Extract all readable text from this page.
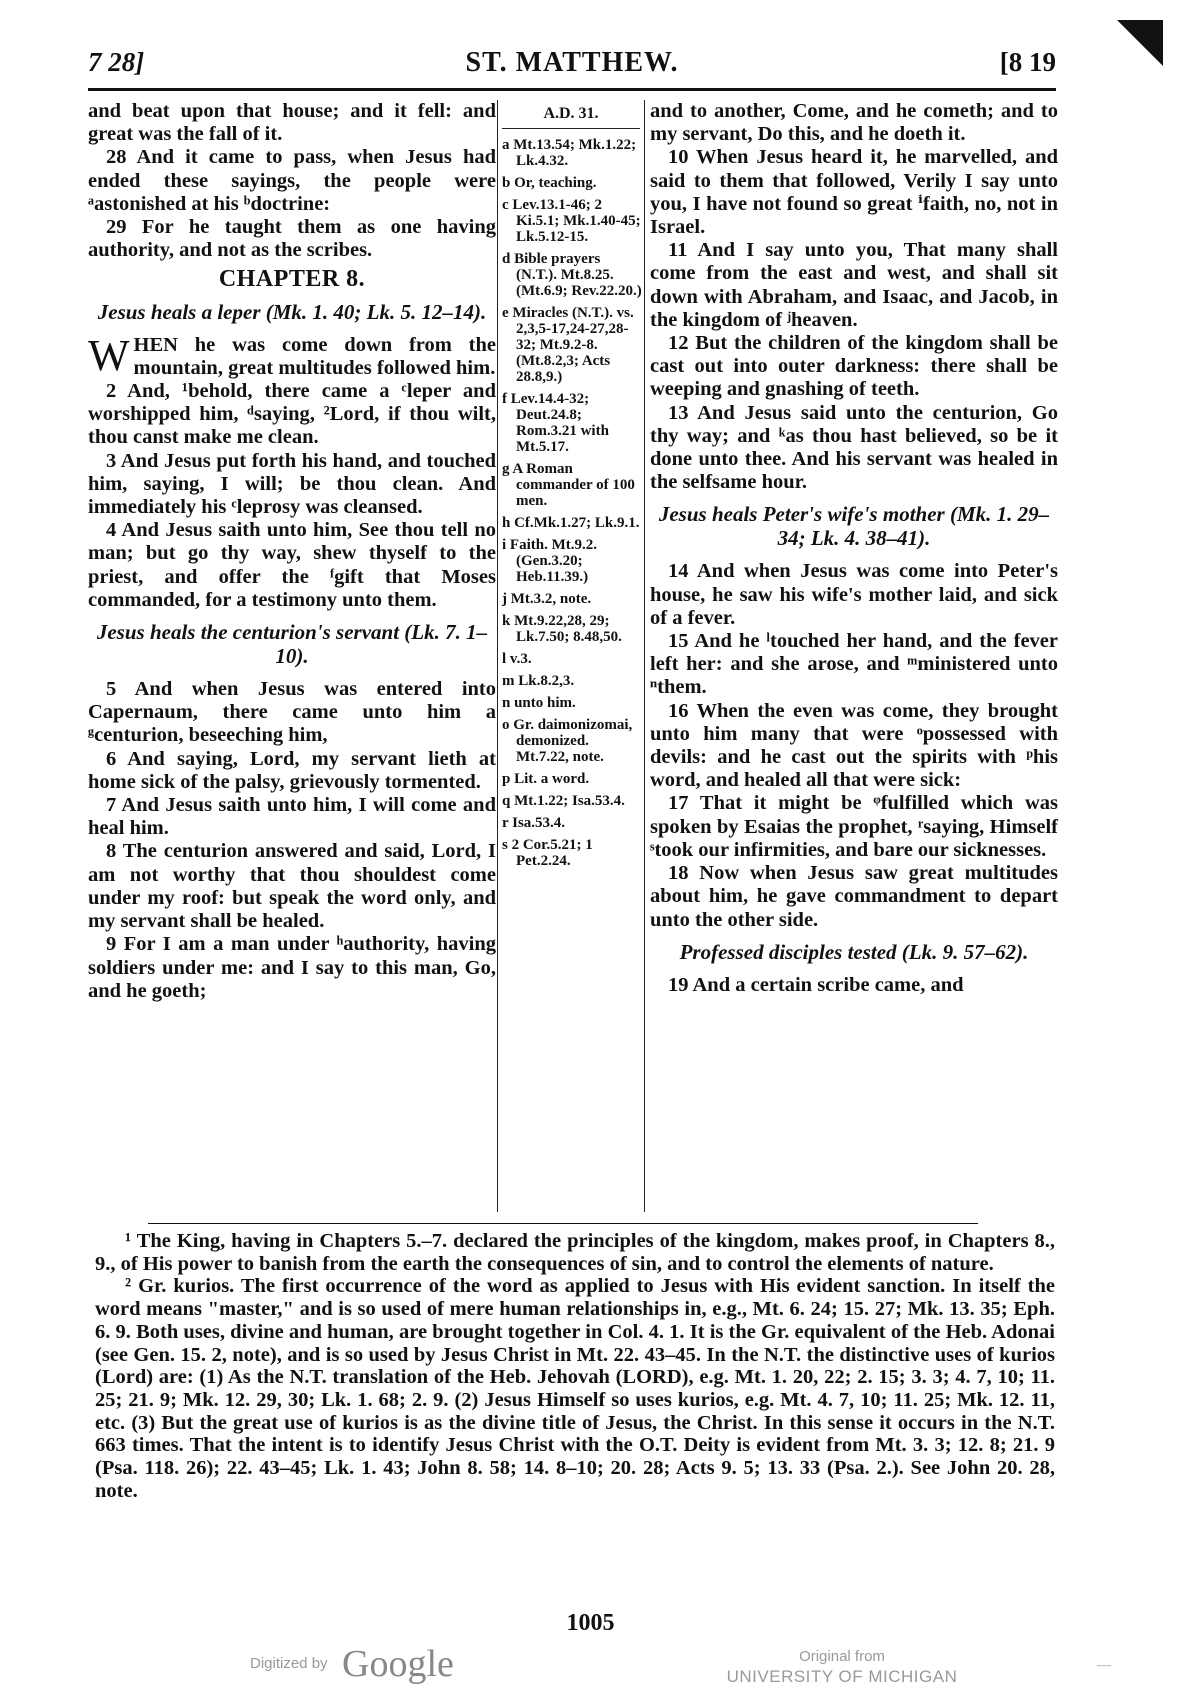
7 28]	ST. MATTHEW.	[8 19

and beat upon that house; and it fell: and great was the fall of it.

28 And it came to pass, when Jesus had ended these sayings, the people were ᵃastonished at his ᵇdoctrine:

29 For he taught them as one having authority, and not as the scribes.

CHAPTER 8.
Jesus heals a leper (Mk. 1. 40; Lk. 5. 12–14).

WHEN he was come down from the mountain, great multitudes followed him.

2 And, ¹behold, there came a ᶜleper and worshipped him, ᵈsaying, ²Lord, if thou wilt, thou canst make me clean.

3 And Jesus put forth his hand, and touched him, saying, I will; be thou clean. And immediately his ᶜleprosy was cleansed.

4 And Jesus saith unto him, See thou tell no man; but go thy way, shew thyself to the priest, and offer the ᶠgift that Moses commanded, for a testimony unto them.

Jesus heals the centurion's servant (Lk. 7. 1–10).

5 And when Jesus was entered into Capernaum, there came unto him a ᵍcenturion, beseeching him,

6 And saying, Lord, my servant lieth at home sick of the palsy, grievously tormented.

7 And Jesus saith unto him, I will come and heal him.

8 The centurion answered and said, Lord, I am not worthy that thou shouldest come under my roof: but speak the word only, and my servant shall be healed.

9 For I am a man under ʰauthority, having soldiers under me: and I say to this man, Go, and he goeth;

A.D. 31.
a Mt.13.54; Mk.1.22; Lk.4.32.
b Or, teaching.
c Lev.13.1-46; 2 Ki.5.1; Mk.1.40-45; Lk.5.12-15.
d Bible prayers (N.T.). Mt.8.25. (Mt.6.9; Rev.22.20.)
e Miracles (N.T.). vs. 2,3,5-17,24-27,28-32; Mt.9.2-8. (Mt.8.2,3; Acts 28.8,9.)
f Lev.14.4-32; Deut.24.8; Rom.3.21 with Mt.5.17.
g A Roman commander of 100 men.
h Cf.Mk.1.27; Lk.9.1.
i Faith. Mt.9.2. (Gen.3.20; Heb.11.39.)
j Mt.3.2, note.
k Mt.9.22,28, 29; Lk.7.50; 8.48,50.
l v.3.
m Lk.8.2,3.
n unto him.
o Gr. daimonizomai, demonized. Mt.7.22, note.
p Lit. a word.
q Mt.1.22; Isa.53.4.
r Isa.53.4.
s 2 Cor.5.21; 1 Pet.2.24.

and to another, Come, and he cometh; and to my servant, Do this, and he doeth it.

10 When Jesus heard it, he marvelled, and said to them that followed, Verily I say unto you, I have not found so great ⁱfaith, no, not in Israel.

11 And I say unto you, That many shall come from the east and west, and shall sit down with Abraham, and Isaac, and Jacob, in the kingdom of ʲheaven.

12 But the children of the kingdom shall be cast out into outer darkness: there shall be weeping and gnashing of teeth.

13 And Jesus said unto the centurion, Go thy way; and ᵏas thou hast believed, so be it done unto thee. And his servant was healed in the selfsame hour.

Jesus heals Peter's wife's mother (Mk. 1. 29–34; Lk. 4. 38–41).

14 And when Jesus was come into Peter's house, he saw his wife's mother laid, and sick of a fever.

15 And he ˡtouched her hand, and the fever left her: and she arose, and ᵐministered unto ⁿthem.

16 When the even was come, they brought unto him many that were ᵒpossessed with devils: and he cast out the spirits with ᵖhis word, and healed all that were sick:

17 That it might be ᵠfulfilled which was spoken by Esaias the prophet, ʳsaying, Himself ˢtook our infirmities, and bare our sicknesses.

18 Now when Jesus saw great multitudes about him, he gave commandment to depart unto the other side.

Professed disciples tested (Lk. 9. 57–62).

19 And a certain scribe came, and

¹ The King, having in Chapters 5.–7. declared the principles of the kingdom, makes proof, in Chapters 8., 9., of His power to banish from the earth the consequences of sin, and to control the elements of nature.

² Gr. kurios. The first occurrence of the word as applied to Jesus with His evident sanction. In itself the word means "master," and is so used of mere human relationships in, e.g., Mt. 6. 24; 15. 27; Mk. 13. 35; Eph. 6. 9. Both uses, divine and human, are brought together in Col. 4. 1. It is the Gr. equivalent of the Heb. Adonai (see Gen. 15. 2, note), and is so used by Jesus Christ in Mt. 22. 43–45. In the N.T. the distinctive uses of kurios (Lord) are: (1) As the N.T. translation of the Heb. Jehovah (LORD), e.g. Mt. 1. 20, 22; 2. 15; 3. 3; 4. 7, 10; 11. 25; 21. 9; Mk. 12. 29, 30; Lk. 1. 68; 2. 9. (2) Jesus Himself so uses kurios, e.g. Mt. 4. 7, 10; 11. 25; Mk. 12. 11, etc. (3) But the great use of kurios is as the divine title of Jesus, the Christ. In this sense it occurs in the N.T. 663 times. That the intent is to identify Jesus Christ with the O.T. Deity is evident from Mt. 3. 3; 12. 8; 21. 9 (Psa. 118. 26); 22. 43–45; Lk. 1. 43; John 8. 58; 14. 8–10; 20. 28; Acts 9. 5; 13. 33 (Psa. 2.). See John 20. 28, note.

1005
Digitized by Google	Original from
UNIVERSITY OF MICHIGAN
—
